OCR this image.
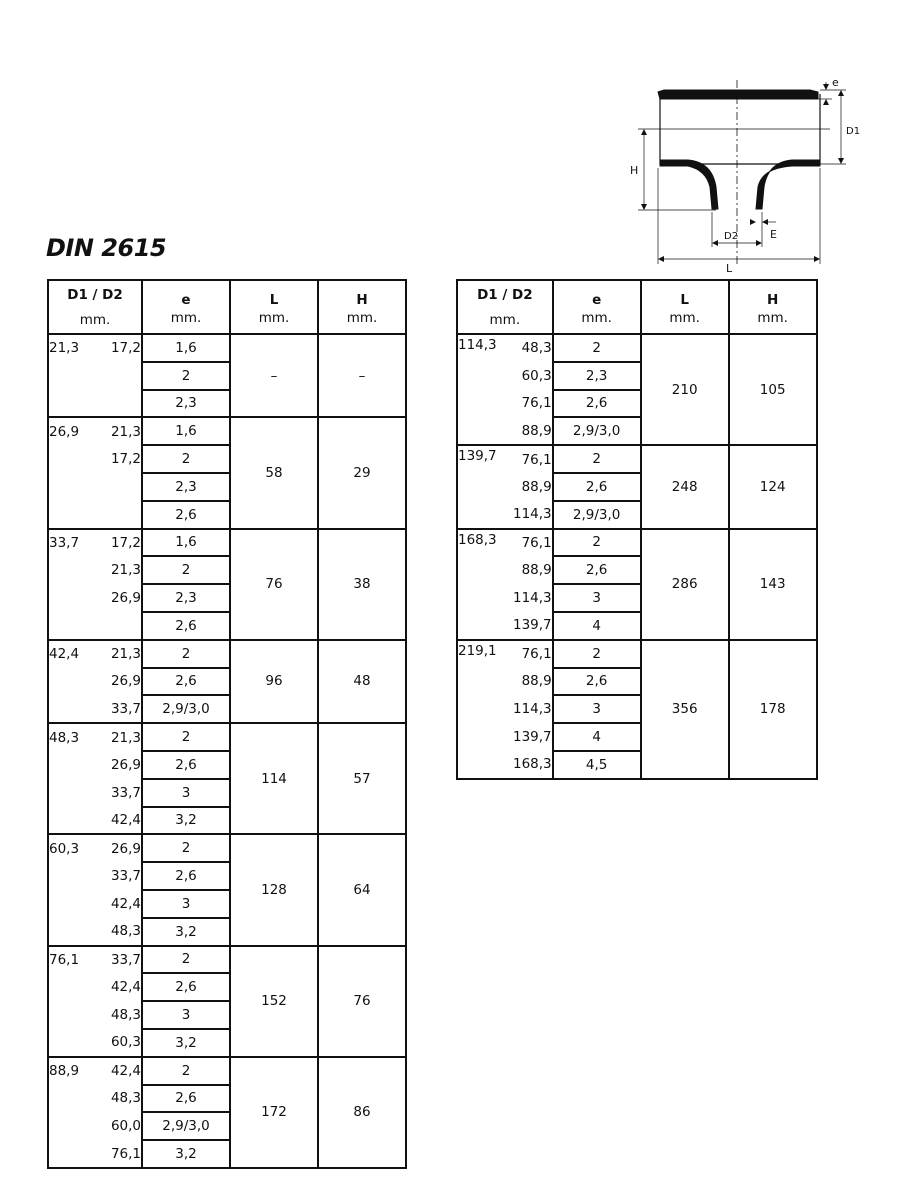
DIN 2615
e
D1
H
D2	E
L
D1 / D2
mm.		e
mm.	L
mm.	H
mm.

21,3	17,2	1,6	–	–
		2		
		2,3		
26,9	21,3	1,6	58	29
	17,2	2		
		2,3		
		2,6		
33,7	17,2	1,6	76	38
	21,3	2		
	26,9	2,3		
		2,6		
42,4	21,3	2	96	48
	26,9	2,6		
	33,7	2,9/3,0		
48,3	21,3	2	114	57
	26,9	2,6		
	33,7	3		
	42,4	3,2		
60,3	26,9	2	128	64
	33,7	2,6		
	42,4	3		
	48,3	3,2		
76,1	33,7	2	152	76
	42,4	2,6		
	48,3	3		
	60,3	3,2		
88,9	42,4	2	172	86
	48,3	2,6		
	60,0	2,9/3,0		
	76,1	3,2		
D1 / D2
mm.		e
mm.	L
mm.	H
mm.

114,3	48,3	2	210	105
	60,3	2,3		
	76,1	2,6		
	88,9	2,9/3,0		
139,7	76,1	2	248	124
	88,9	2,6		
	114,3	2,9/3,0		
168,3	76,1	2	286	143
	88,9	2,6		
	114,3	3		
	139,7	4		
219,1	76,1	2	356	178
	88,9	2,6		
	114,3	3		
	139,7	4		
	168,3	4,5		
